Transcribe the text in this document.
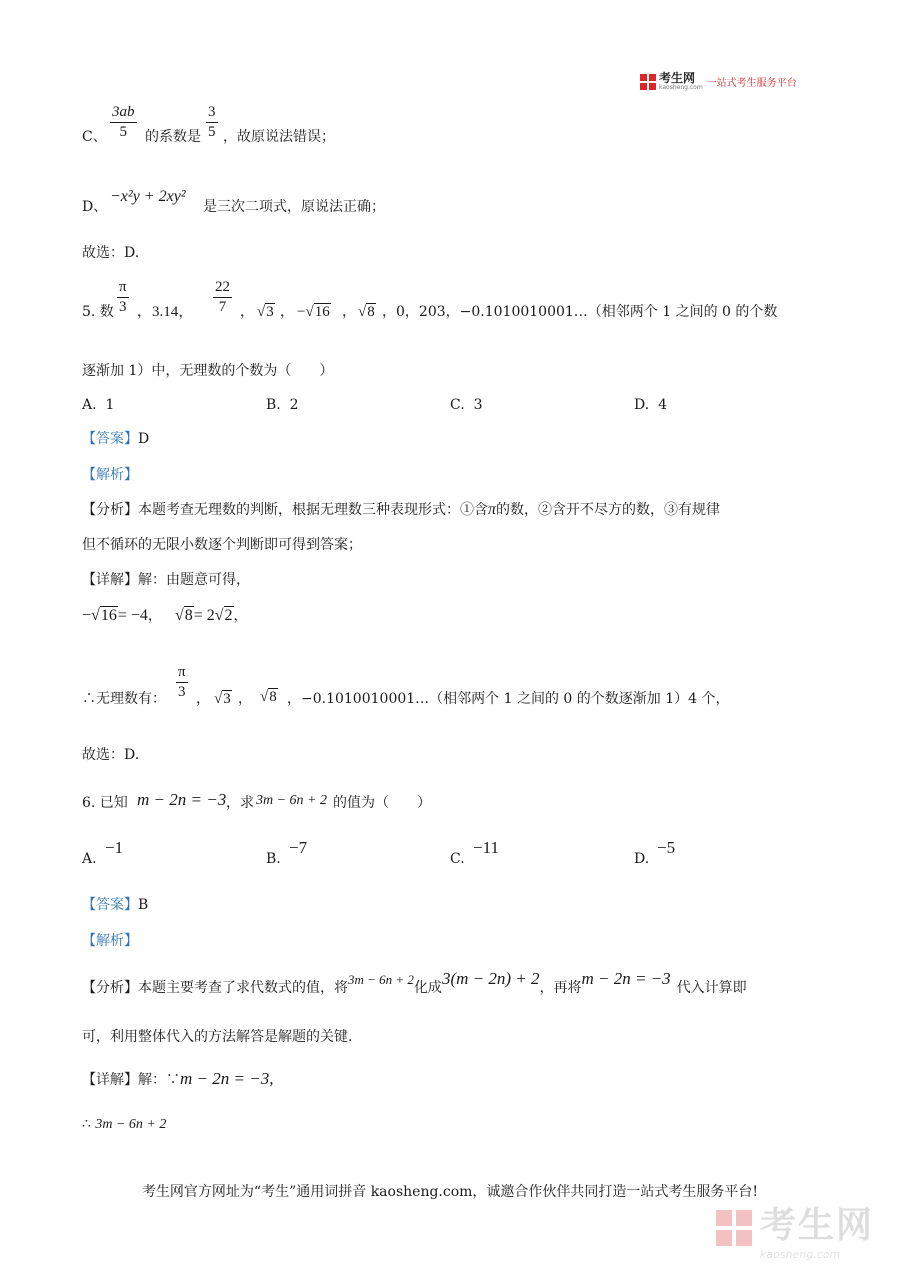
考生网
kaosheng.com 一站式考生服务平台
C、 $\frac{3ab}{5}$ 的系数是 $\frac{3}{5}$ ，故原说法错误；
D、
−x²y + 2xy²
是三次二项式，原说法正确；
故选：D.
5. 数 $\frac{\pi}{3}$ ， 3.14， $\frac{22}{7}$ ， √3 ， −√16 ， √8 ，0，203，−0.1010010001…（相邻两个 1 之间的 0 的个数
逐渐加 1）中，无理数的个数为（　　）
A. 1	B. 2	C. 3	D. 4
【答案】D
【解析】
【分析】本题考查无理数的判断，根据无理数三种表现形式：①含π的数，②含开不尽方的数，③有规律
但不循环的无限小数逐个判断即可得到答案；
【详解】解：由题意可得，
−√16= −4， √8= 2√2，
∴无理数有： $\frac{\pi}{3}$ ， √3 ， √8 ，−0.1010010001…（相邻两个 1 之间的 0 的个数逐渐加 1）4 个，
故选：D.
6. 已知 m − 2n = −3 ，求 3m − 6n + 2 的值为（　　）
A.
−1
B.
−7
C.
−11
D.
−5
【答案】B
【解析】
【分析】本题主要考查了求代数式的值，将3m − 6n + 2化成3(m − 2n) + 2，再将m − 2n = −3 代入计算即
可，利用整体代入的方法解答是解题的关键.
【详解】解：∵m − 2n = −3,
∴ 3m − 6n + 2
考生网官方网址为“考生”通用词拼音 kaosheng.com，诚邀合作伙伴共同打造一站式考生服务平台!
考生网
kaosheng.com
